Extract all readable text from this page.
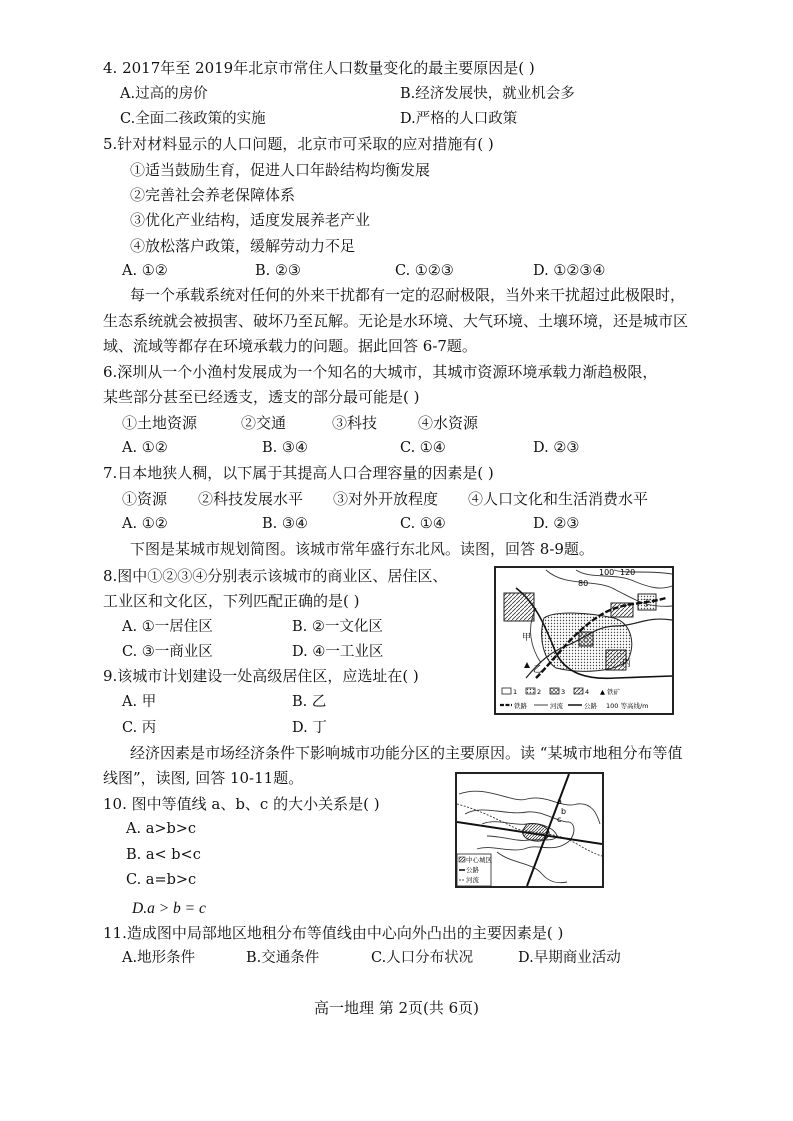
4. 2017年至 2019年北京市常住人口数量变化的最主要原因是( )
A.过高的房价	B.经济发展快，就业机会多
C.全面二孩政策的实施	D.严格的人口政策
5.针对材料显示的人口问题，北京市可采取的应对措施有( )
①适当鼓励生育，促进人口年龄结构均衡发展
②完善社会养老保障体系
③优化产业结构，适度发展养老产业
④放松落户政策，缓解劳动力不足
A. ①②	B. ②③	C. ①②③	D. ①②③④
每一个承载系统对任何的外来干扰都有一定的忍耐极限，当外来干扰超过此极限时，
生态系统就会被损害、破坏乃至瓦解。无论是水环境、大气环境、土壤环境，还是城市区
域、流域等都存在环境承载力的问题。据此回答 6-7题。
6.深圳从一个小渔村发展成为一个知名的大城市，其城市资源环境承载力渐趋极限，
某些部分甚至已经透支，透支的部分最可能是( )
①土地资源	②交通	③科技	④水资源
A. ①②	B. ③④	C. ①④	D. ②③
7.日本地狭人稠，以下属于其提高人口合理容量的因素是( )
①资源 ②科技发展水平 ③对外开放程度 ④人口文化和生活消费水平
A. ①②	B. ③④	C. ①④	D. ②③
下图是某城市规划简图。该城市常年盛行东北风。读图，回答 8-9题。
8.图中①②③④分别表示该城市的商业区、居住区、
工业区和文化区，下列匹配正确的是( )
A. ①一居住区	B. ②一文化区
C. ③一商业区	D. ④一工业区
9.该城市计划建设一处高级居住区，应选址在( )
A. 甲	B. 乙
C. 丙	D. 丁
100 120
80
甲
乙
丙
丁
1	2	3	4 ▲ 铁矿
铁路	河流	公路 100 等高线/m
经济因素是市场经济条件下影响城市功能分区的主要原因。读 “某城市地租分布等值
线图”，读图, 回答 10-11题。
10. 图中等值线 a、b、c 的大小关系是( )
A. a>b>c
B. a< b<c
C. a=b>c
D.a > b = c
a
b
c
中心城区
公路
河流
11.造成图中局部地区地租分布等值线由中心向外凸出的主要因素是( )
A.地形条件	B.交通条件	C.人口分布状况	D.早期商业活动
高一地理 第 2页(共 6页)
